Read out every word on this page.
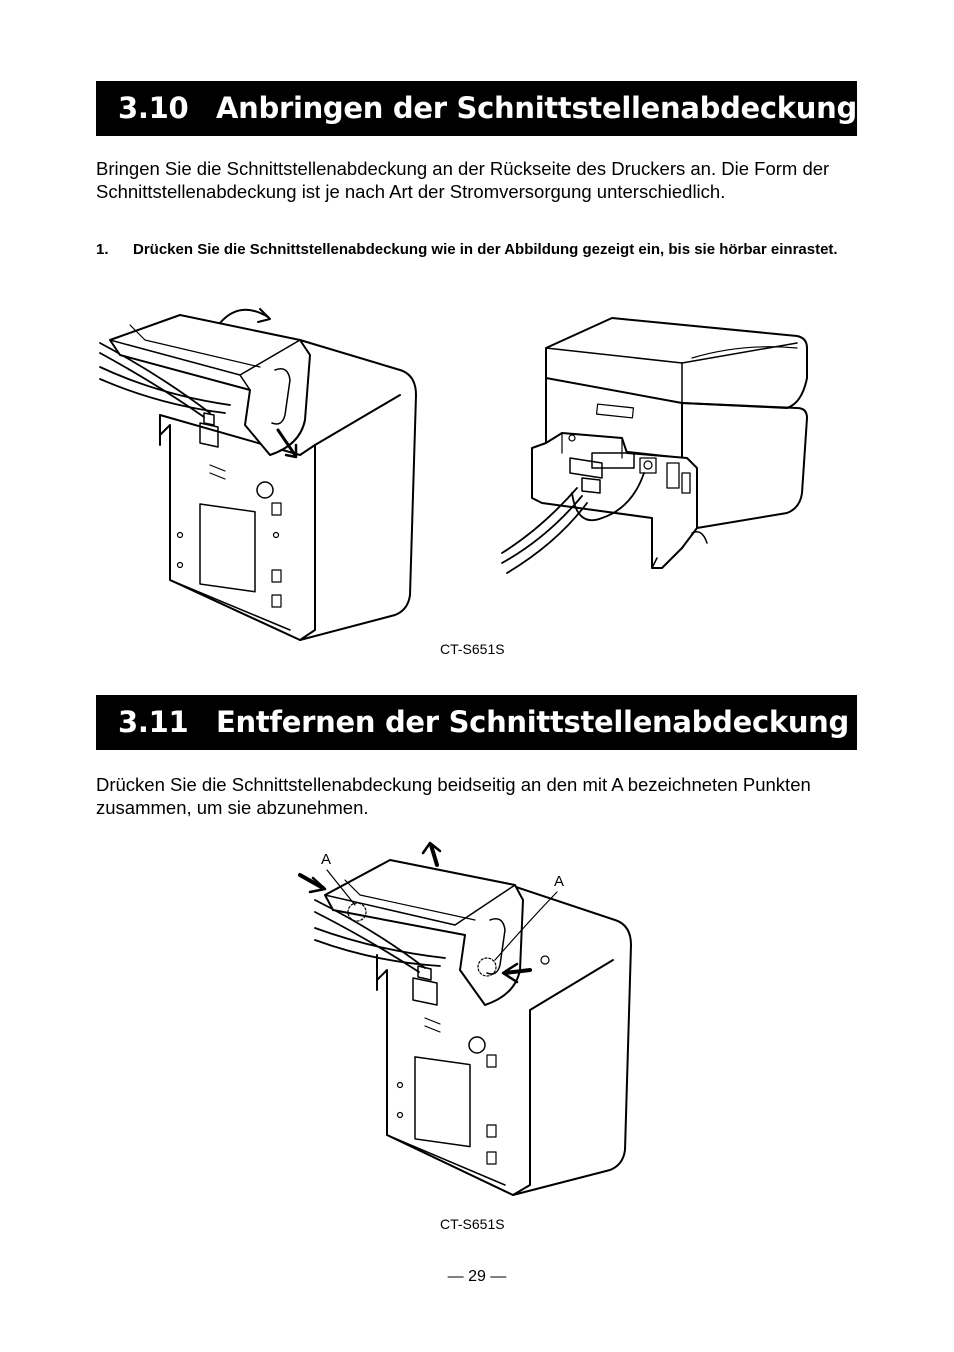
3.10 Anbringen der Schnittstellenabdeckung

Bringen Sie die Schnittstellenabdeckung an der Rückseite des Druckers an. Die Form der Schnittstellenabdeckung ist je nach Art der Stromversorgung unterschiedlich.

1.	Drücken Sie die Schnittstellenabdeckung wie in der Abbildung gezeigt ein, bis sie hörbar einrastet.
CT-S651S
3.11 Entfernen der Schnittstellenabdeckung

Drücken Sie die Schnittstellenabdeckung beidseitig an den mit A bezeichneten Punkten zusammen, um sie abzunehmen.

A
A
CT-S651S
— 29 —
